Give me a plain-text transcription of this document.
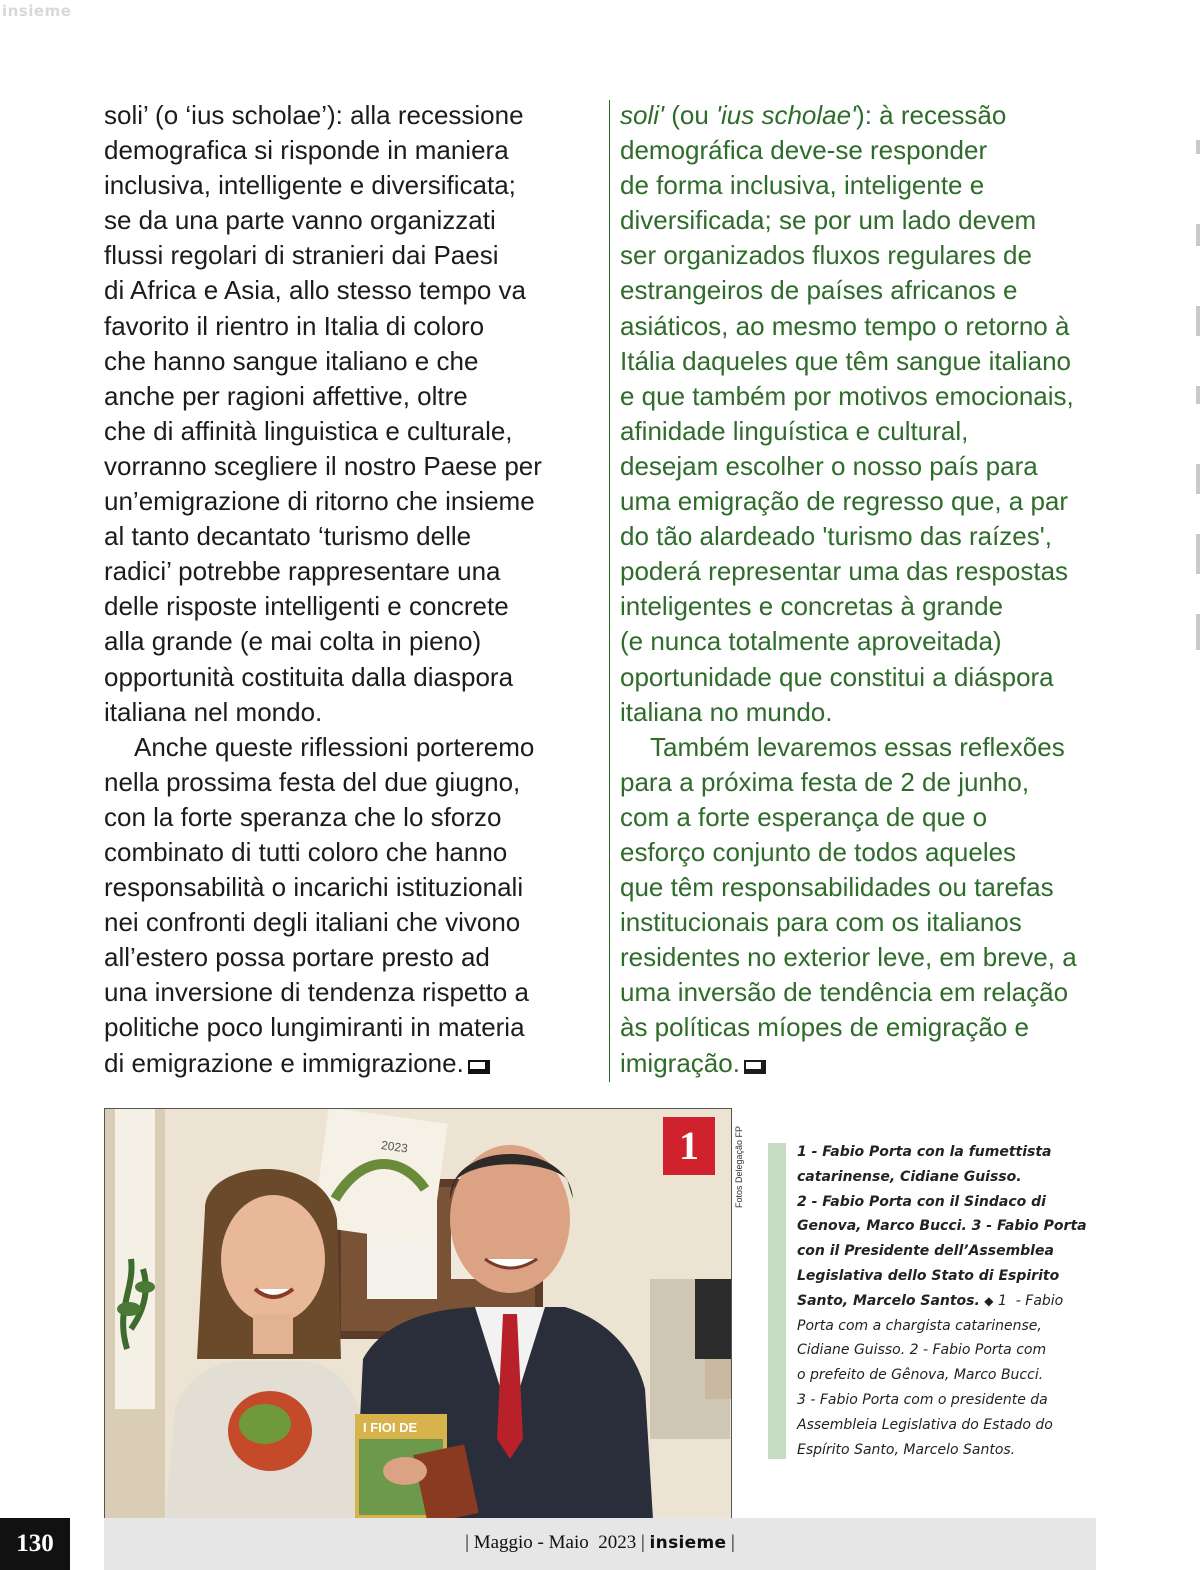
insieme

soli’ (o ‘ius scholae’): alla recessione
demografica si risponde in maniera
inclusiva, intelligente e diversificata;
se da una parte vanno organizzati
flussi regolari di stranieri dai Paesi
di Africa e Asia, allo stesso tempo va
favorito il rientro in Italia di coloro
che hanno sangue italiano e che
anche per ragioni affettive, oltre
che di affinità linguistica e culturale,
vorranno scegliere il nostro Paese per
un’emigrazione di ritorno che insieme
al tanto decantato ‘turismo delle
radici’ potrebbe rappresentare una
delle risposte intelligenti e concrete
alla grande (e mai colta in pieno)
opportunità costituita dalla diaspora
italiana nel mondo.

Anche queste riflessioni porteremo
nella prossima festa del due giugno,
con la forte speranza che lo sforzo
combinato di tutti coloro che hanno
responsabilità o incarichi istituzionali
nei confronti degli italiani che vivono
all’estero possa portare presto ad
una inversione di tendenza rispetto a
politiche poco lungimiranti in materia
di emigrazione e immigrazione.

soli' (ou 'ius scholae'): à recessão
demográfica deve-se responder
de forma inclusiva, inteligente e
diversificada; se por um lado devem
ser organizados fluxos regulares de
estrangeiros de países africanos e
asiáticos, ao mesmo tempo o retorno à
Itália daqueles que têm sangue italiano
e que também por motivos emocionais,
afinidade linguística e cultural,
desejam escolher o nosso país para
uma emigração de regresso que, a par
do tão alardeado 'turismo das raízes',
poderá representar uma das respostas
inteligentes e concretas à grande
(e nunca totalmente aproveitada)
oportunidade que constitui a diáspora
italiana no mundo.

Também levaremos essas reflexões
para a próxima festa de 2 de junho,
com a forte esperança de que o
esforço conjunto de todos aqueles
que têm responsabilidades ou tarefas
institucionais para com os italianos
residentes no exterior leve, em breve, a
uma inversão de tendência em relação
às políticas míopes de emigração e
imigração.

2023
I FIOI DE
1	Fotos Delegação FP	1 - Fabio Porta con la fumettista
catarinense, Cidiane Guisso.
2 - Fabio Porta con il Sindaco di
Genova, Marco Bucci. 3 - Fabio Porta
con il Presidente dell’Assemblea
Legislativa dello Stato di Espirito
Santo, Marcelo Santos. ◆ 1  - Fabio
Porta com a chargista catarinense,
Cidiane Guisso. 2 - Fabio Porta com
o prefeito de Gênova, Marco Bucci.
3 - Fabio Porta com o presidente da
Assembleia Legislativa do Estado do
Espírito Santo, Marcelo Santos.
130	| Maggio - Maio  2023 | insieme |
